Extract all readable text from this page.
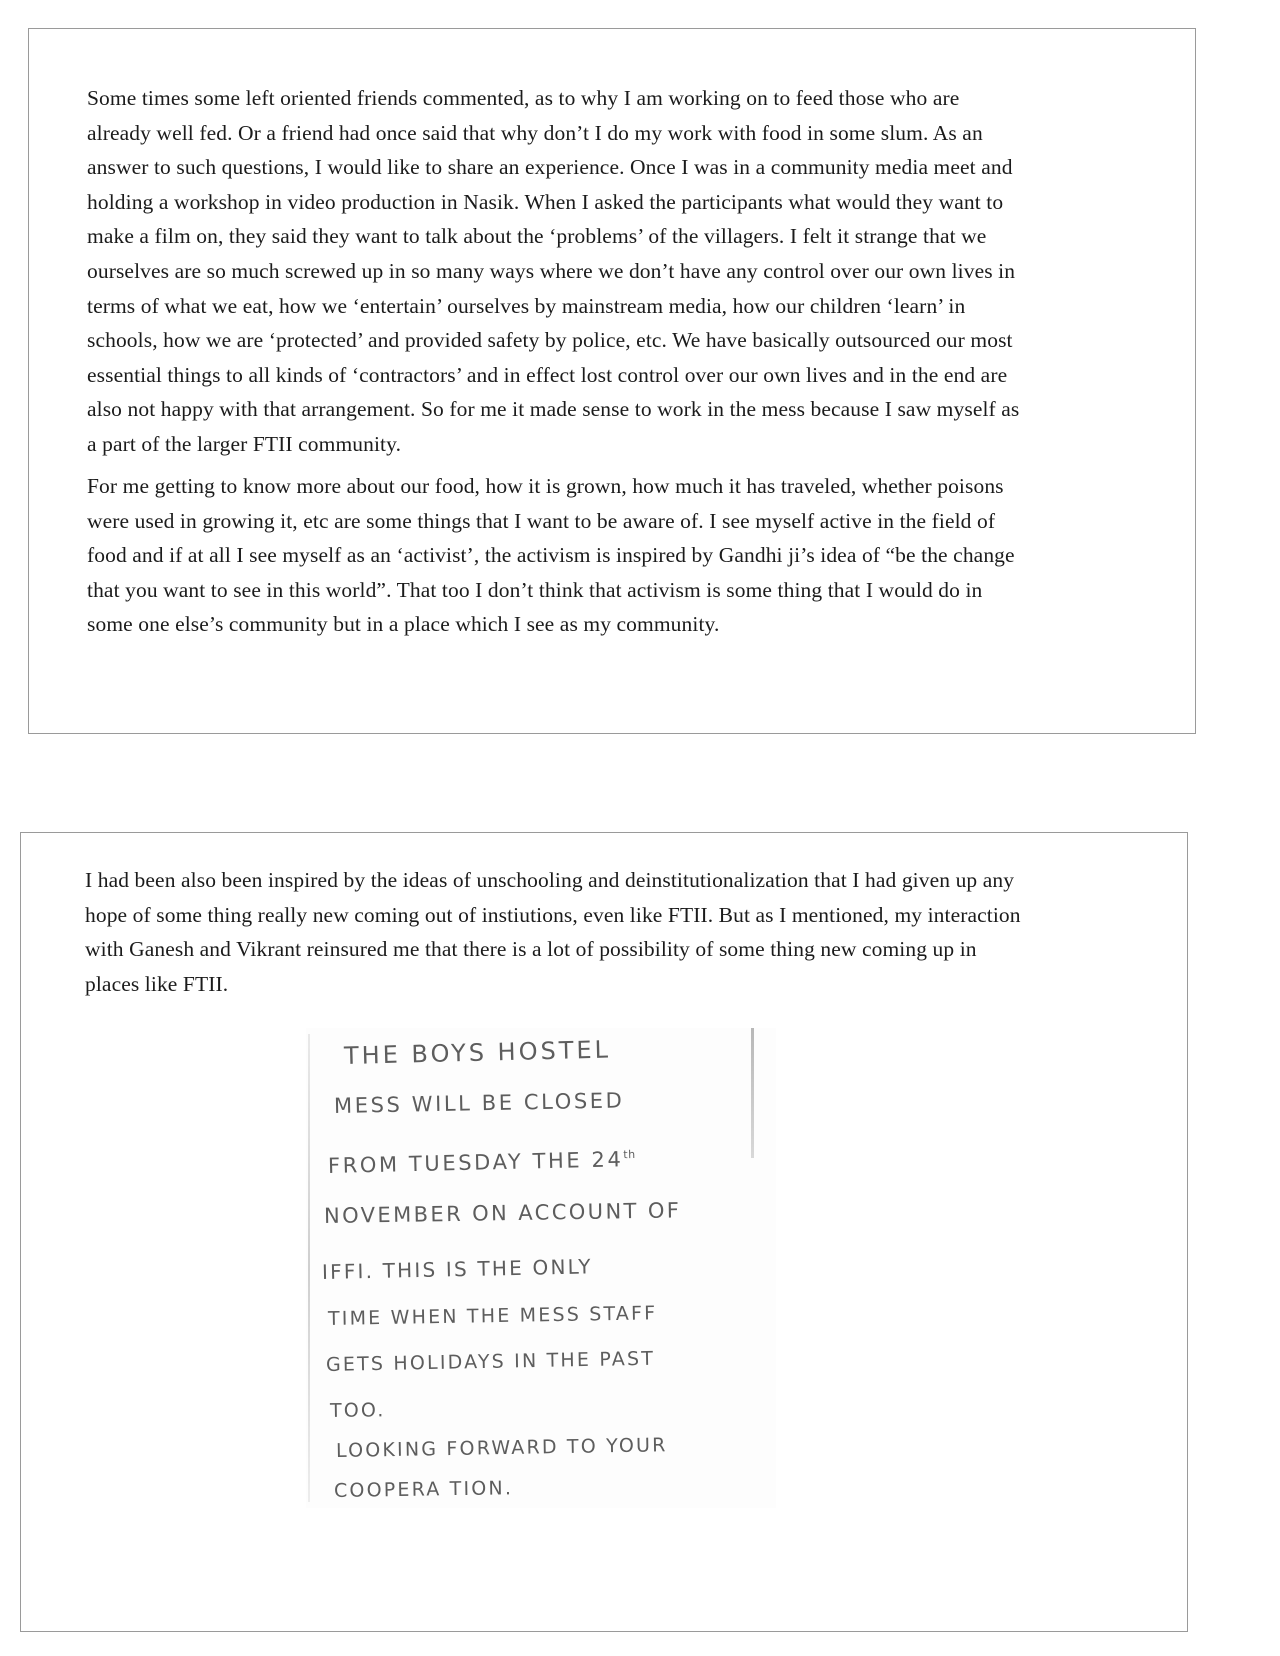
Some times some left oriented friends commented, as to why I am working on to feed those who are already well fed. Or a friend had once said that why don’t I do my work with food in some slum. As an answer to such questions, I would like to share an experience. Once I was in a community media meet and holding a workshop in video production in Nasik. When I asked the participants what would they want to make a film on, they said they want to talk about the ‘problems’ of the villagers. I felt it strange that we ourselves are so much screwed up in so many ways where we don’t have any control over our own lives in terms of what we eat, how we ‘entertain’ ourselves by mainstream media, how our children ‘learn’ in schools, how we are ‘protected’ and provided safety by police, etc. We have basically outsourced our most essential things to all kinds of ‘contractors’ and in effect lost control over our own lives and in the end are also not happy with that arrangement. So for me it made sense to work in the mess because I saw myself as a part of the larger FTII community.
For me getting to know more about our food, how it is grown, how much it has traveled, whether poisons were used in growing it, etc are some things that I want to be aware of. I see myself active in the field of food and if at all I see myself as an ‘activist’, the activism is inspired by Gandhi ji’s idea of “be the change that you want to see in this world”. That too I don’t think that activism is some thing that I would do in some one else’s community but in a place which I see as my community.
I had been also been inspired by the ideas of unschooling and deinstitutionalization that I had given up any hope of some thing really new coming out of instiutions, even like FTII. But as I mentioned, my interaction with Ganesh and Vikrant reinsured me that there is a lot of possibility of some thing new coming up in places like FTII.
THE BOYS HOSTEL
MESS WILL BE CLOSED
FROM TUESDAY THE 24th
NOVEMBER ON ACCOUNT OF
IFFI. THIS IS THE ONLY
TIME WHEN THE MESS STAFF
GETS HOLIDAYS IN THE PAST
TOO.
LOOKING FORWARD TO YOUR
COOPERA TION.
